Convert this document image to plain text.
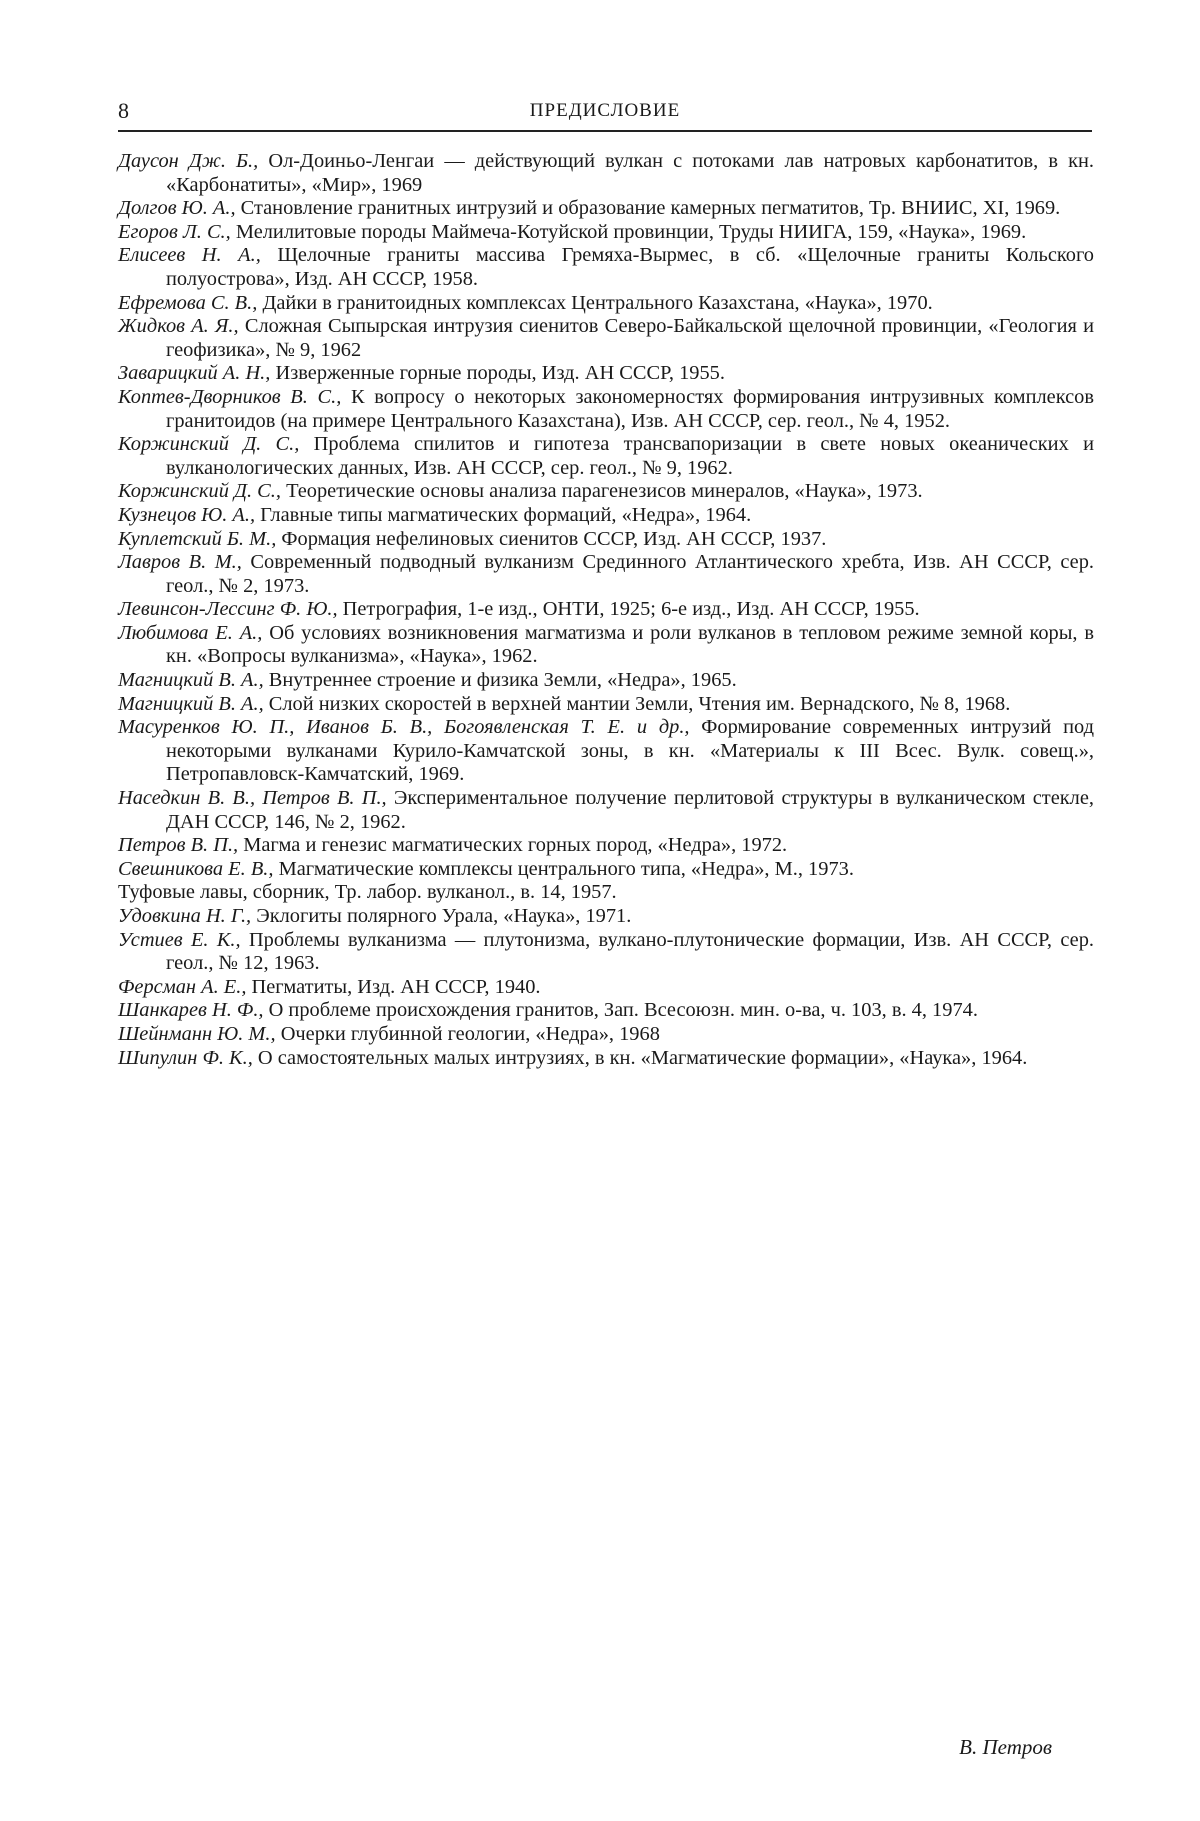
8	ПРЕДИСЛОВИЕ
Даусон Дж. Б., Ол-Доиньо-Ленгаи — действующий вулкан с потоками лав натровых карбонатитов, в кн. «Карбонатиты», «Мир», 1969
Долгов Ю. А., Становление гранитных интрузий и образование камерных пегматитов, Тр. ВНИИС, XI, 1969.
Егоров Л. С., Мелилитовые породы Маймеча-Котуйской провинции, Труды НИИГА, 159, «Наука», 1969.
Елисеев Н. А., Щелочные граниты массива Гремяха-Вырмес, в сб. «Щелочные граниты Кольского полуострова», Изд. АН СССР, 1958.
Ефремова С. В., Дайки в гранитоидных комплексах Центрального Казахстана, «Наука», 1970.
Жидков А. Я., Сложная Сыпырская интрузия сиенитов Северо-Байкальской щелочной провинции, «Геология и геофизика», № 9, 1962
Заварицкий А. Н., Изверженные горные породы, Изд. АН СССР, 1955.
Коптев-Дворников В. С., К вопросу о некоторых закономерностях формирования интрузивных комплексов гранитоидов (на примере Центрального Казахстана), Изв. АН СССР, сер. геол., № 4, 1952.
Коржинский Д. С., Проблема спилитов и гипотеза трансвапоризации в свете новых океанических и вулканологических данных, Изв. АН СССР, сер. геол., № 9, 1962.
Коржинский Д. С., Теоретические основы анализа парагенезисов минералов, «Наука», 1973.
Кузнецов Ю. А., Главные типы магматических формаций, «Недра», 1964.
Куплетский Б. М., Формация нефелиновых сиенитов СССР, Изд. АН СССР, 1937.
Лавров В. М., Современный подводный вулканизм Срединного Атлантического хребта, Изв. АН СССР, сер. геол., № 2, 1973.
Левинсон-Лессинг Ф. Ю., Петрография, 1-е изд., ОНТИ, 1925; 6-е изд., Изд. АН СССР, 1955.
Любимова Е. А., Об условиях возникновения магматизма и роли вулканов в тепловом режиме земной коры, в кн. «Вопросы вулканизма», «Наука», 1962.
Магницкий В. А., Внутреннее строение и физика Земли, «Недра», 1965.
Магницкий В. А., Слой низких скоростей в верхней мантии Земли, Чтения им. Вернадского, № 8, 1968.
Масуренков Ю. П., Иванов Б. В., Богоявленская Т. Е. и др., Формирование современных интрузий под некоторыми вулканами Курило-Камчатской зоны, в кн. «Материалы к III Всес. Вулк. совещ.», Петропавловск-Камчатский, 1969.
Наседкин В. В., Петров В. П., Экспериментальное получение перлитовой структуры в вулканическом стекле, ДАН СССР, 146, № 2, 1962.
Петров В. П., Магма и генезис магматических горных пород, «Недра», 1972.
Свешникова Е. В., Магматические комплексы центрального типа, «Недра», М., 1973.
Туфовые лавы, сборник, Тр. лабор. вулканол., в. 14, 1957.
Удовкина Н. Г., Эклогиты полярного Урала, «Наука», 1971.
Устиев Е. К., Проблемы вулканизма — плутонизма, вулкано-плутонические формации, Изв. АН СССР, сер. геол., № 12, 1963.
Ферсман А. Е., Пегматиты, Изд. АН СССР, 1940.
Шанкарев Н. Ф., О проблеме происхождения гранитов, Зап. Всесоюзн. мин. о-ва, ч. 103, в. 4, 1974.
Шейнманн Ю. М., Очерки глубинной геологии, «Недра», 1968
Шипулин Ф. К., О самостоятельных малых интрузиях, в кн. «Магматические формации», «Наука», 1964.
В. Петров
